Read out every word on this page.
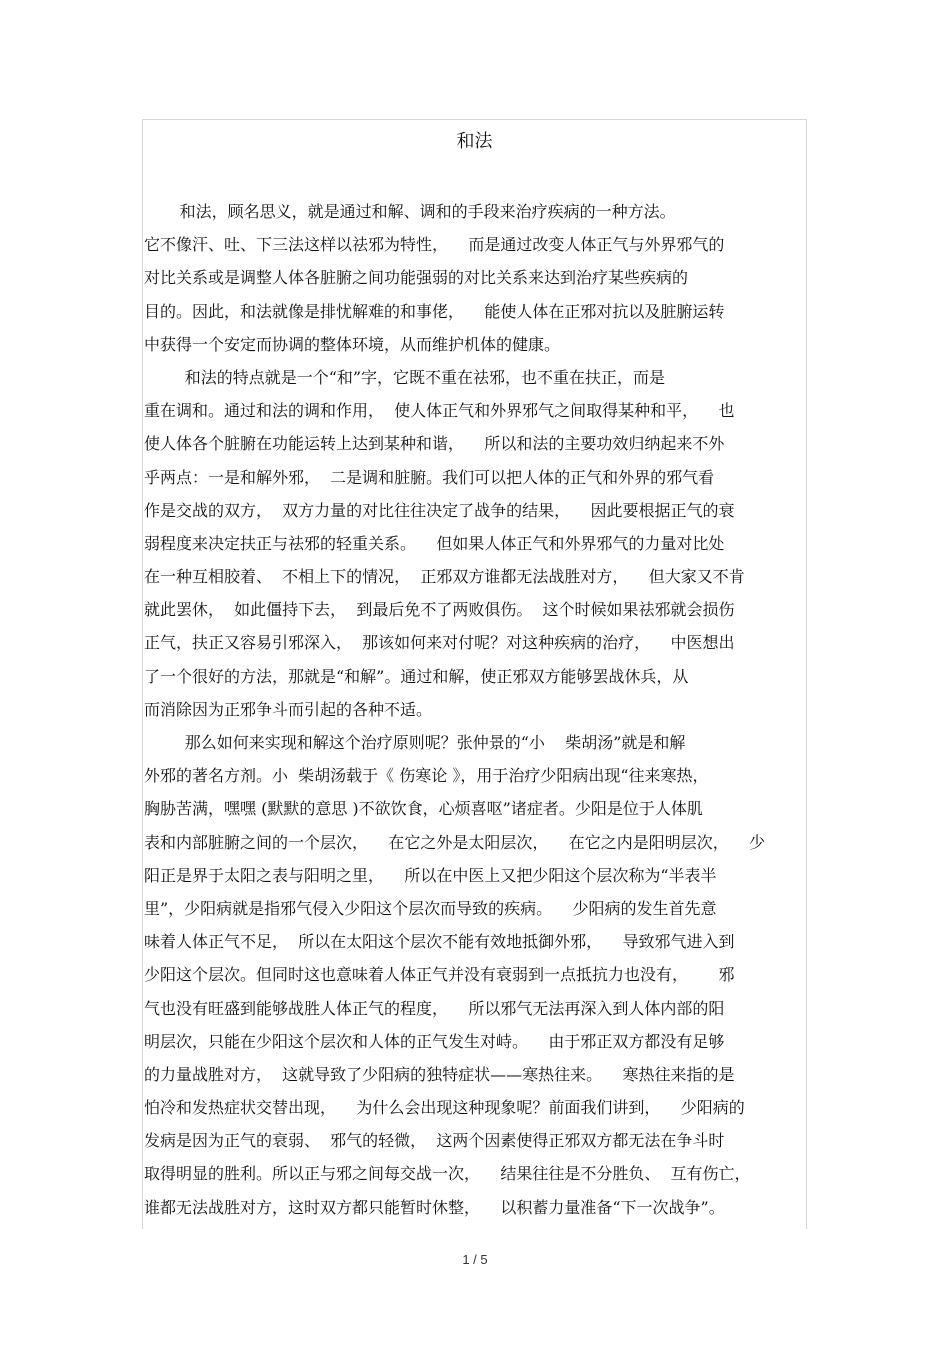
和法
和法，顾名思义，就是通过和解、调和的手段来治疗疾病的一种方法。
它不像汗、吐、下三法这样以祛邪为特性，    而是通过改变人体正气与外界邪气的
对比关系或是调整人体各脏腑之间功能强弱的对比关系来达到治疗某些疾病的
目的。因此，和法就像是排忧解难的和事佬，    能使人体在正邪对抗以及脏腑运转
中获得一个安定而协调的整体环境，从而维护机体的健康。
和法的特点就是一个“和”字，它既不重在祛邪，也不重在扶正，而是
重在调和。通过和法的调和作用，  使人体正气和外界邪气之间取得某种和平，    也
使人体各个脏腑在功能运转上达到某种和谐，    所以和法的主要功效归纳起来不外
乎两点：一是和解外邪，  二是调和脏腑。我们可以把人体的正气和外界的邪气看
作是交战的双方，  双方力量的对比往往决定了战争的结果，    因此要根据正气的衰
弱程度来决定扶正与祛邪的轻重关系。    但如果人体正气和外界邪气的力量对比处
在一种互相胶着、  不相上下的情况，  正邪双方谁都无法战胜对方，    但大家又不肯
就此罢休，  如此僵持下去，  到最后免不了两败俱伤。  这个时候如果祛邪就会损伤
正气，扶正又容易引邪深入，  那该如何来对付呢？对这种疾病的治疗，    中医想出
了一个很好的方法，那就是“和解”。通过和解，使正邪双方能够罢战休兵，从
而消除因为正邪争斗而引起的各种不适。
那么如何来实现和解这个治疗原则呢？张仲景的“小    柴胡汤”就是和解
外邪的著名方剂。小  柴胡汤载于《 伤寒论 》，用于治疗少阳病出现“往来寒热，
胸胁苦满，嘿嘿 (默默的意思 )不欲饮食，心烦喜呕”诸症者。少阳是位于人体肌
表和内部脏腑之间的一个层次，    在它之外是太阳层次，    在它之内是阳明层次，    少
阳正是界于太阳之表与阳明之里，    所以在中医上又把少阳这个层次称为“半表半
里”，少阳病就是指邪气侵入少阳这个层次而导致的疾病。    少阳病的发生首先意
味着人体正气不足，  所以在太阳这个层次不能有效地抵御外邪，    导致邪气进入到
少阳这个层次。但同时这也意味着人体正气并没有衰弱到一点抵抗力也没有，      邪
气也没有旺盛到能够战胜人体正气的程度，    所以邪气无法再深入到人体内部的阳
明层次，只能在少阳这个层次和人体的正气发生对峙。    由于邪正双方都没有足够
的力量战胜对方，  这就导致了少阳病的独特症状——寒热往来。    寒热往来指的是
怕冷和发热症状交替出现，    为什么会出现这种现象呢？前面我们讲到，    少阳病的
发病是因为正气的衰弱、  邪气的轻微，  这两个因素使得正邪双方都无法在争斗时
取得明显的胜利。所以正与邪之间每交战一次，    结果往往是不分胜负、  互有伤亡，
谁都无法战胜对方，这时双方都只能暂时休整，    以积蓄力量准备“下一次战争”。
1 / 5
